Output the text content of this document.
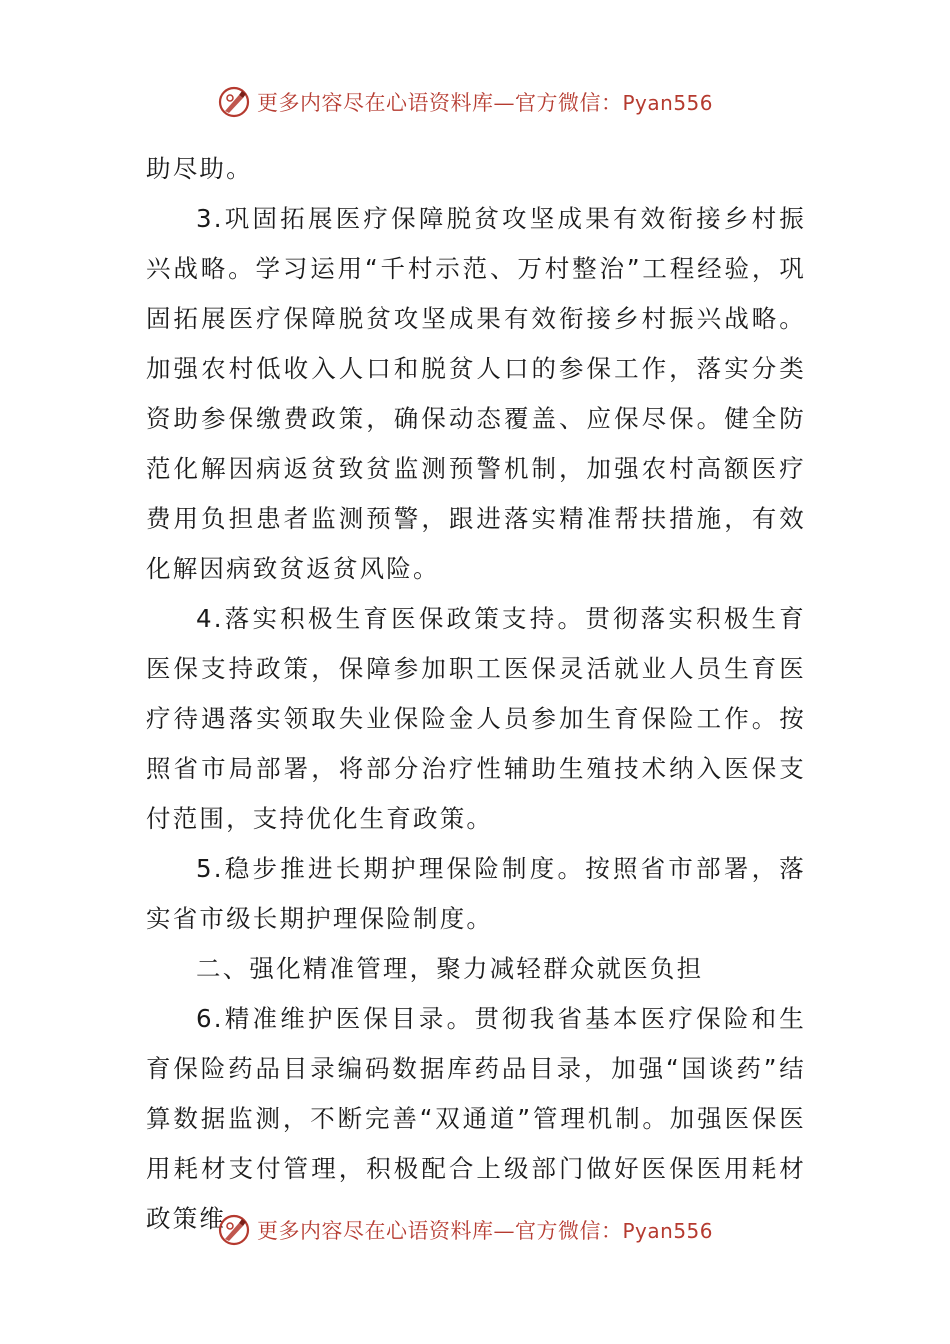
更多内容尽在心语资料库—官方微信：Pyan556

助尽助。

3.巩固拓展医疗保障脱贫攻坚成果有效衔接乡村振兴战略。学习运用“千村示范、万村整治”工程经验，巩固拓展医疗保障脱贫攻坚成果有效衔接乡村振兴战略。加强农村低收入人口和脱贫人口的参保工作，落实分类资助参保缴费政策，确保动态覆盖、应保尽保。健全防范化解因病返贫致贫监测预警机制，加强农村高额医疗费用负担患者监测预警，跟进落实精准帮扶措施，有效化解因病致贫返贫风险。

4.落实积极生育医保政策支持。贯彻落实积极生育医保支持政策，保障参加职工医保灵活就业人员生育医疗待遇落实领取失业保险金人员参加生育保险工作。按照省市局部署，将部分治疗性辅助生殖技术纳入医保支付范围，支持优化生育政策。

5.稳步推进长期护理保险制度。按照省市部署，落实省市级长期护理保险制度。

二、强化精准管理，聚力减轻群众就医负担

6.精准维护医保目录。贯彻我省基本医疗保险和生育保险药品目录编码数据库药品目录，加强“国谈药”结算数据监测，不断完善“双通道”管理机制。加强医保医用耗材支付管理，积极配合上级部门做好医保医用耗材政策维	更多内容尽在心语资料库—官方微信：Pyan556
